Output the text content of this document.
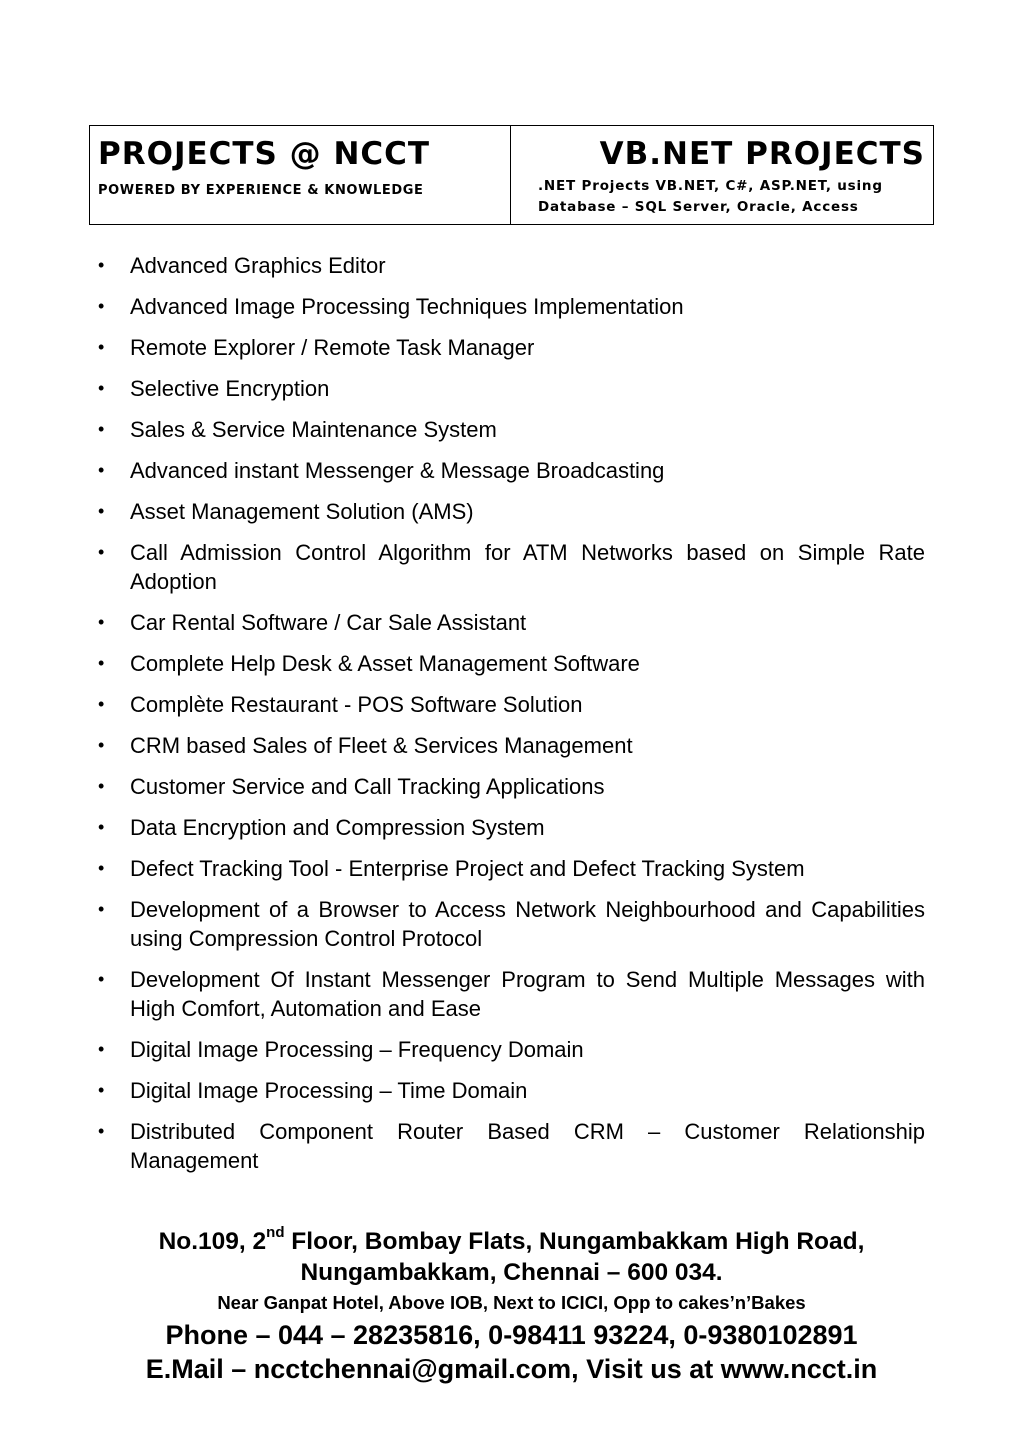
PROJECTS @ NCCT
POWERED BY EXPERIENCE & KNOWLEDGE
VB.NET PROJECTS
.NET Projects VB.NET, C#, ASP.NET, using
Database – SQL Server, Oracle, Access
• Advanced Graphics Editor
• Advanced Image Processing Techniques Implementation
• Remote Explorer / Remote Task Manager
• Selective Encryption
• Sales & Service Maintenance System
• Advanced instant Messenger & Message Broadcasting
• Asset Management Solution (AMS)
• Call Admission Control Algorithm for ATM Networks based on Simple Rate Adoption
• Car Rental Software / Car Sale Assistant
• Complete Help Desk & Asset Management Software
• Complète Restaurant - POS Software Solution
• CRM based Sales of Fleet & Services Management
• Customer Service and Call Tracking Applications
• Data Encryption and Compression System
• Defect Tracking Tool - Enterprise Project and Defect Tracking System
• Development of a Browser to Access Network Neighbourhood and Capabilities using Compression Control Protocol
• Development Of Instant Messenger Program to Send Multiple Messages with High Comfort, Automation and Ease
• Digital Image Processing – Frequency Domain
• Digital Image Processing – Time Domain
• Distributed Component Router Based CRM – Customer Relationship Management
No.109, 2nd Floor, Bombay Flats, Nungambakkam High Road,
Nungambakkam, Chennai – 600 034.
Near Ganpat Hotel, Above IOB, Next to ICICI, Opp to cakes’n’Bakes
Phone – 044 – 28235816, 0-98411 93224, 0-9380102891
E.Mail – ncctchennai@gmail.com, Visit us at www.ncct.in
